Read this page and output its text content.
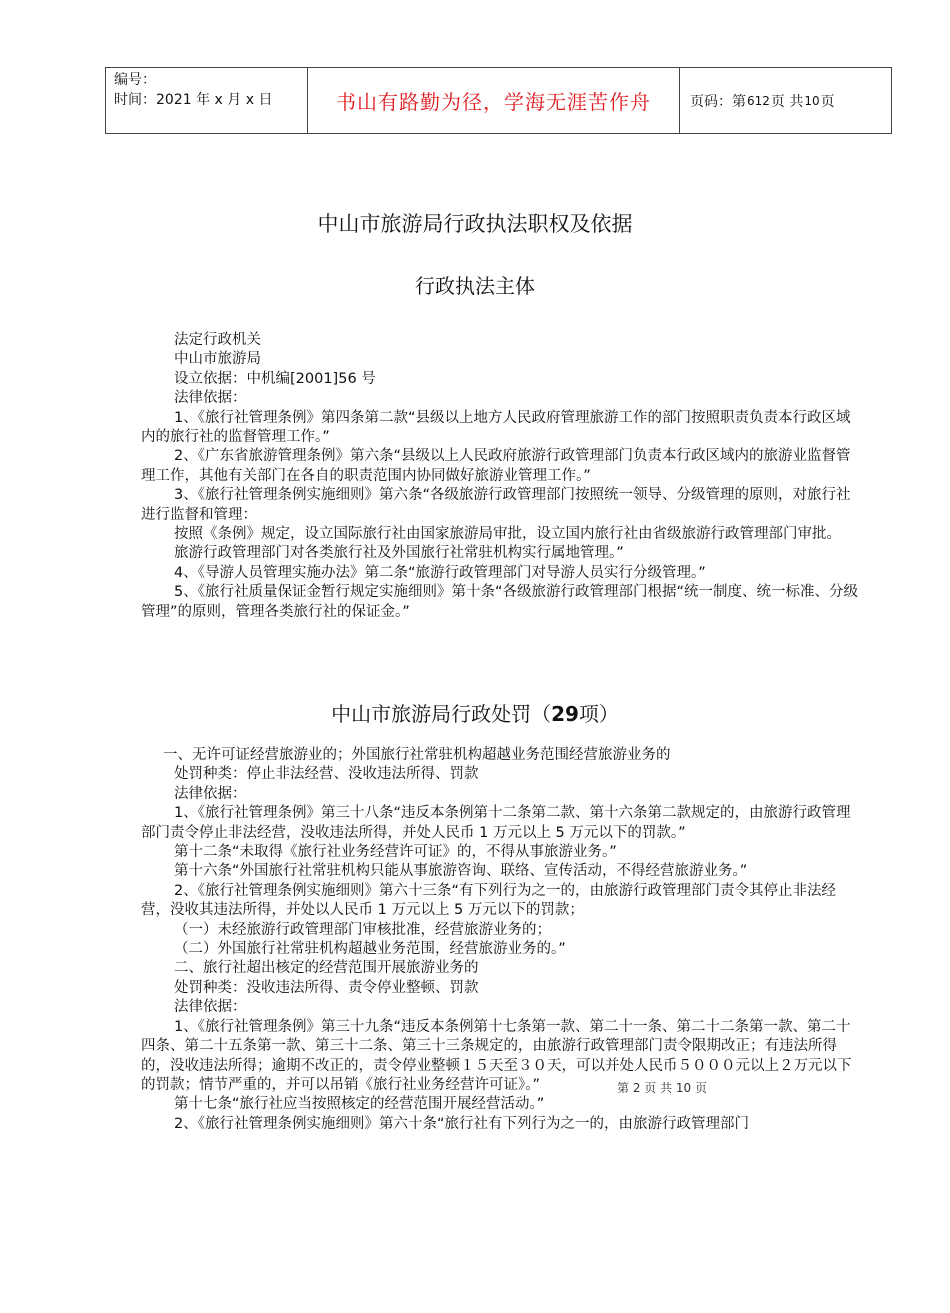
编号：
时间：2021 年 x 月 x 日	书山有路勤为径，学海无涯苦作舟	页码：第 612 页 共 10 页
中山市旅游局行政执法职权及依据
行政执法主体

法定行政机关

中山市旅游局

设立依据：中机编[2001]56 号

法律依据：

1、《旅行社管理条例》第四条第二款“县级以上地方人民政府管理旅游工作的部门按照职责负责本行政区域内的旅行社的监督管理工作。”

2、《广东省旅游管理条例》第六条“县级以上人民政府旅游行政管理部门负责本行政区域内的旅游业监督管理工作，其他有关部门在各自的职责范围内协同做好旅游业管理工作。”

3、《旅行社管理条例实施细则》第六条“各级旅游行政管理部门按照统一领导、分级管理的原则，对旅行社进行监督和管理：

按照《条例》规定，设立国际旅行社由国家旅游局审批，设立国内旅行社由省级旅游行政管理部门审批。

旅游行政管理部门对各类旅行社及外国旅行社常驻机构实行属地管理。”

4、《导游人员管理实施办法》第二条“旅游行政管理部门对导游人员实行分级管理。”

5、《旅行社质量保证金暂行规定实施细则》第十条“各级旅游行政管理部门根据“统一制度、统一标准、分级管理”的原则，管理各类旅行社的保证金。”

中山市旅游局行政处罚（29项）

一、无许可证经营旅游业的；外国旅行社常驻机构超越业务范围经营旅游业务的

处罚种类：停止非法经营、没收违法所得、罚款

法律依据：

1、《旅行社管理条例》第三十八条“违反本条例第十二条第二款、第十六条第二款规定的，由旅游行政管理部门责令停止非法经营，没收违法所得，并处人民币 1 万元以上 5 万元以下的罚款。”

第十二条“未取得《旅行社业务经营许可证》的，不得从事旅游业务。”

第十六条“外国旅行社常驻机构只能从事旅游咨询、联络、宣传活动，不得经营旅游业务。”

2、《旅行社管理条例实施细则》第六十三条“有下列行为之一的，由旅游行政管理部门责令其停止非法经营，没收其违法所得，并处以人民币 1 万元以上 5 万元以下的罚款；

（一）未经旅游行政管理部门审核批准，经营旅游业务的；

（二）外国旅行社常驻机构超越业务范围，经营旅游业务的。”

二、旅行社超出核定的经营范围开展旅游业务的

处罚种类：没收违法所得、责令停业整顿、罚款

法律依据：

1、《旅行社管理条例》第三十九条“违反本条例第十七条第一款、第二十一条、第二十二条第一款、第二十四条、第二十五条第一款、第三十二条、第三十三条规定的，由旅游行政管理部门责令限期改正；有违法所得的，没收违法所得；逾期不改正的，责令停业整顿１５天至３０天，可以并处人民币５０００元以上２万元以下的罚款；情节严重的，并可以吊销《旅行社业务经营许可证》。”

第十七条“旅行社应当按照核定的经营范围开展经营活动。”

2、《旅行社管理条例实施细则》第六十条“旅行社有下列行为之一的，由旅游行政管理部门

第 2 页 共 10 页
